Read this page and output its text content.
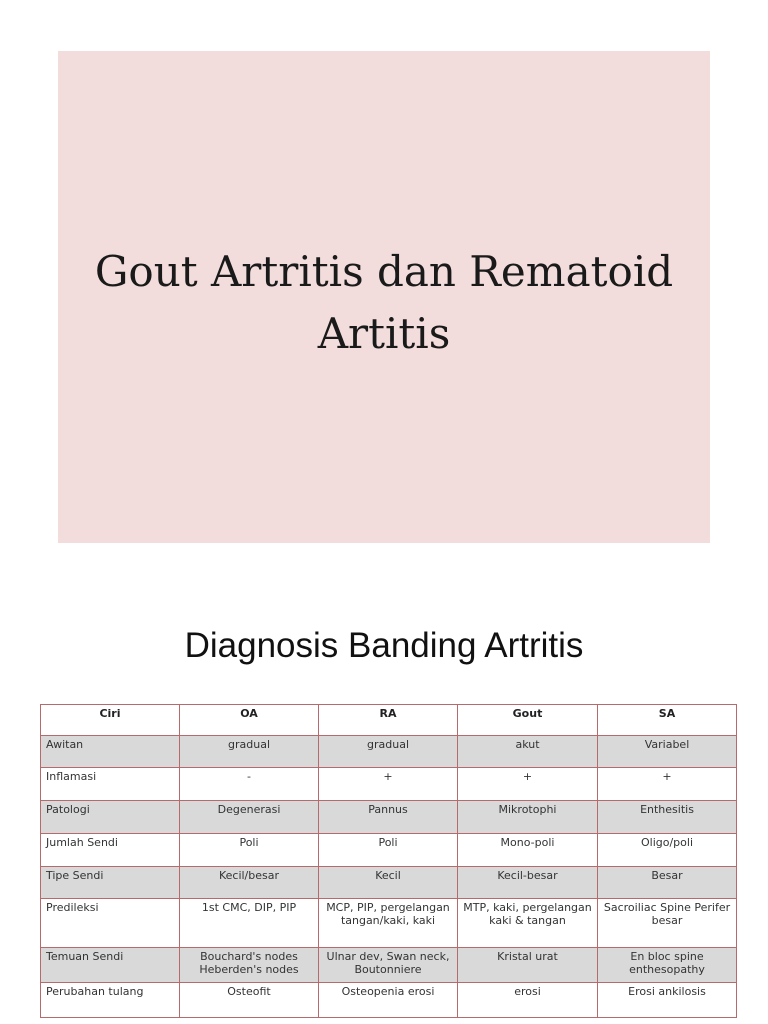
Gout Artritis dan Rematoid
Artitis
Diagnosis Banding Artritis
Ciri	OA	RA	Gout	SA
Awitan	gradual	gradual	akut	Variabel
Inflamasi	-	+	+	+
Patologi	Degenerasi	Pannus	Mikrotophi	Enthesitis
Jumlah Sendi	Poli	Poli	Mono-poli	Oligo/poli
Tipe Sendi	Kecil/besar	Kecil	Kecil-besar	Besar
Predileksi	1st CMC, DIP, PIP	MCP, PIP, pergelangan tangan/kaki, kaki	MTP, kaki, pergelangan kaki & tangan	Sacroiliac Spine Perifer besar
Temuan Sendi	Bouchard's nodes Heberden's nodes	Ulnar dev, Swan neck, Boutonniere	Kristal urat	En bloc spine enthesopathy
Perubahan tulang	Osteofit	Osteopenia erosi	erosi	Erosi ankilosis
